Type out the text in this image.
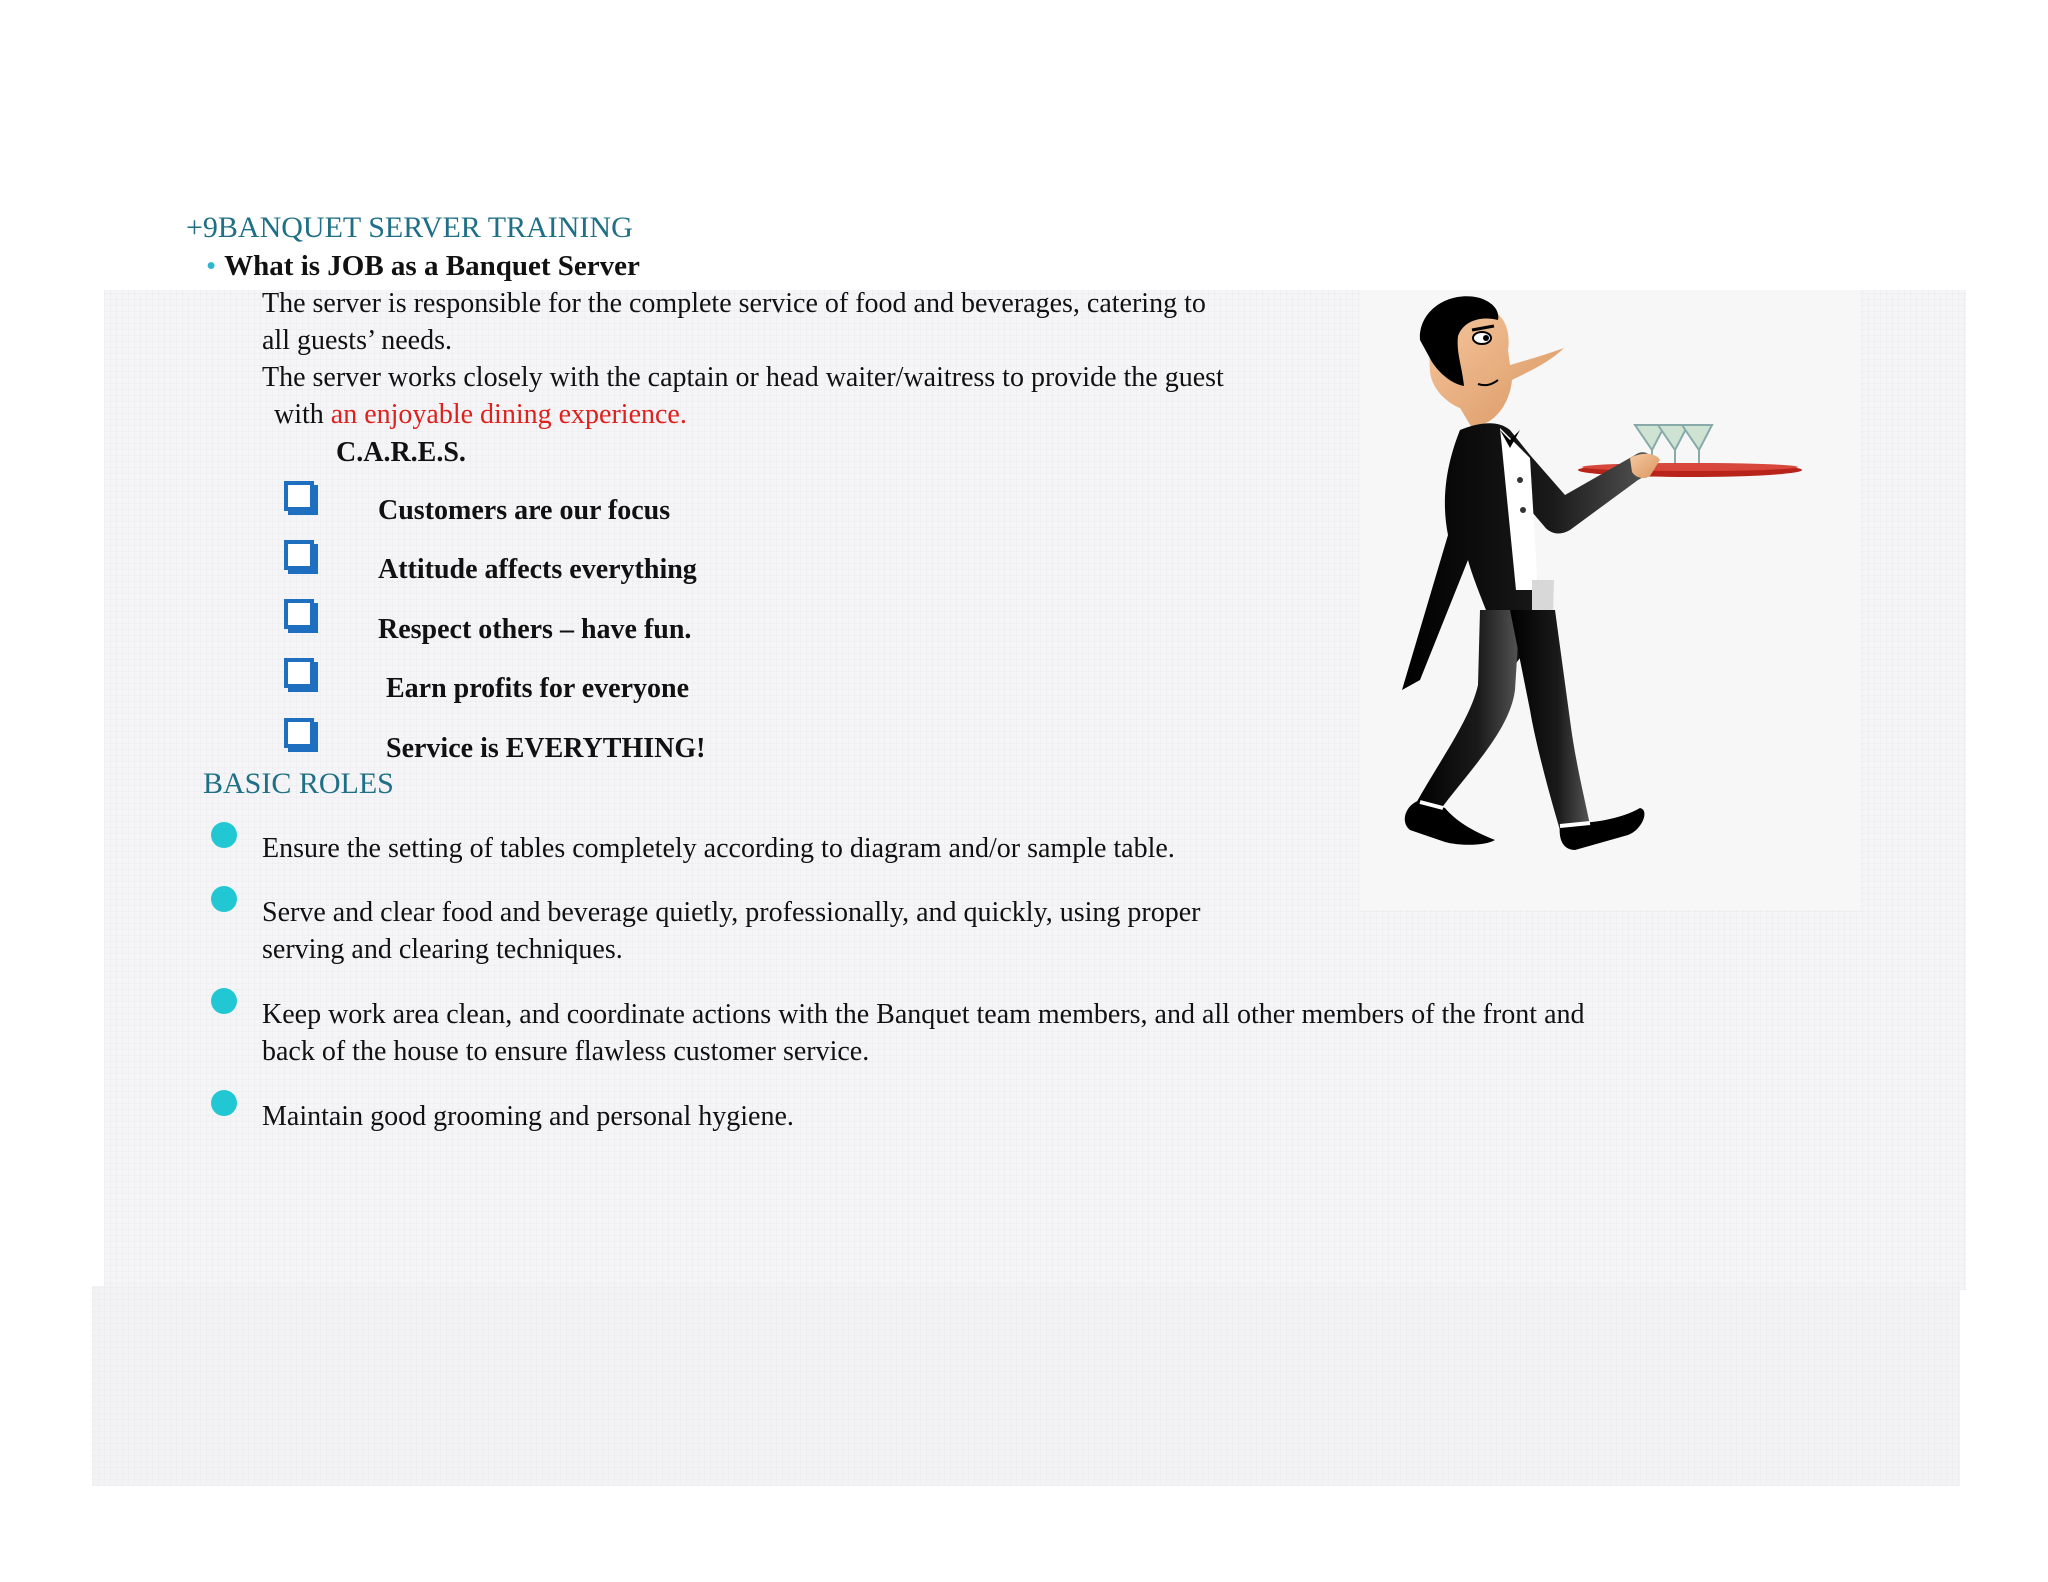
+9BANQUET SERVER TRAINING
• What is JOB as a Banquet Server
The server is responsible for the complete service of food and beverages, catering to
all guests’ needs.
The server works closely with the captain or head waiter/waitress to provide the guest
with an enjoyable dining experience.
C.A.R.E.S.
Customers are our focus
Attitude affects everything
Respect others – have fun.
Earn profits for everyone
Service is EVERYTHING!
BASIC ROLES
Ensure the setting of tables completely according to diagram and/or sample table.
Serve and clear food and beverage quietly, professionally, and quickly, using proper
serving and clearing techniques.
Keep work area clean, and coordinate actions with the Banquet team members, and all other members of the front and
back of the house to ensure flawless customer service.
Maintain good grooming and personal hygiene.
